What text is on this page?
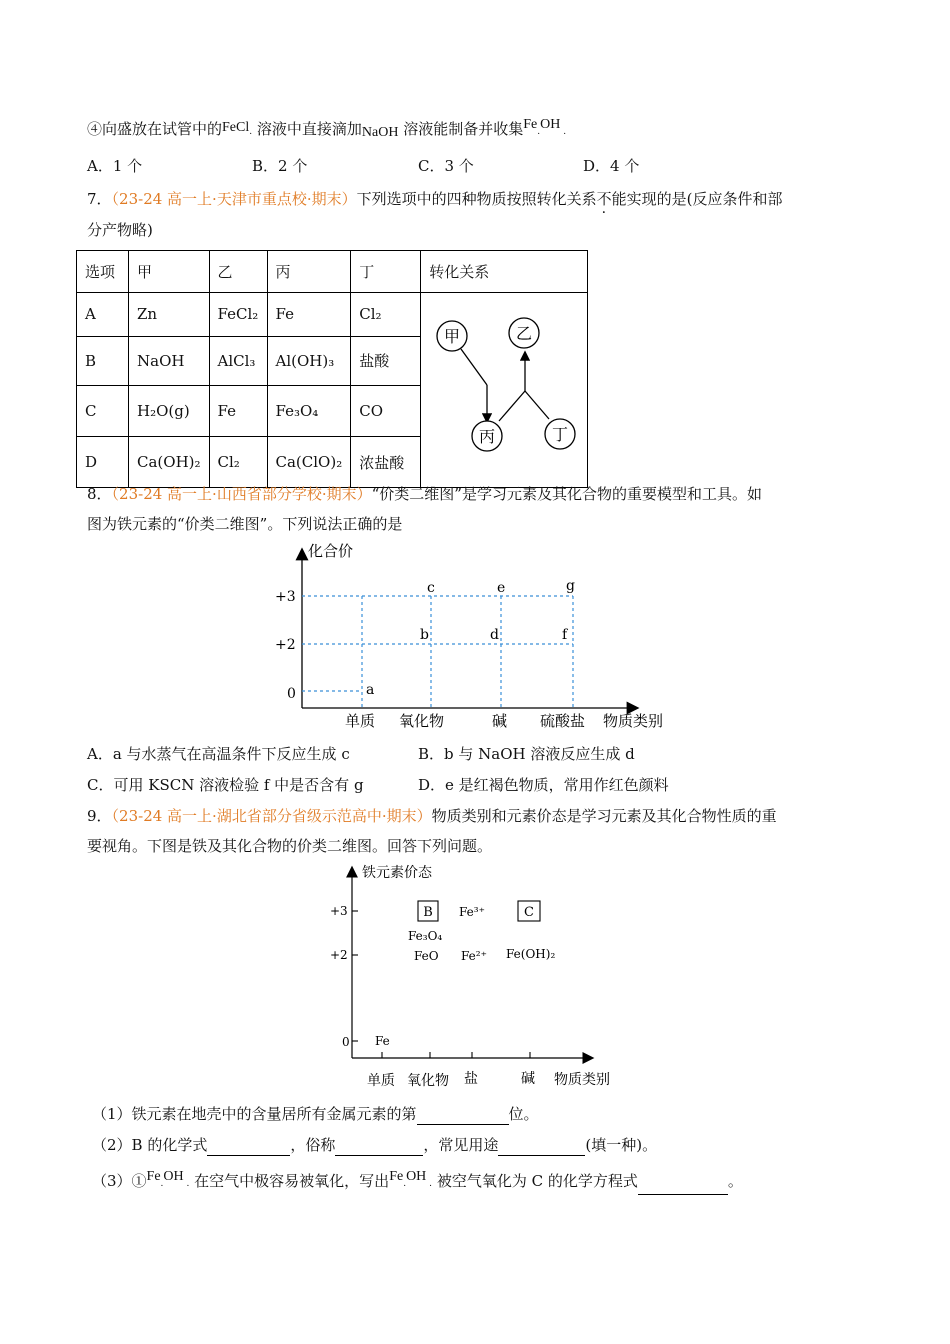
④向盛放在试管中的FeCl. 溶液中直接滴加NaOH 溶液能制备并收集Fe.OH .
A．1 个	B．2 个	C．3 个	D．4 个
7．（23-24 高一上·天津市重点校·期末）下列选项中的四种物质按照转化关系不能实现的是(反应条件和部
分产物略)
选项	甲	乙	丙	丁	转化关系
A	Zn	FeCl₂	Fe	Cl₂	甲 乙
丙 丁

B	NaOH	AlCl₃	Al(OH)₃	盐酸	
C	H₂O(g)	Fe	Fe₃O₄	CO	
D	Ca(OH)₂	Cl₂	Ca(ClO)₂	浓盐酸	
8．（23-24 高一上·山西省部分学校·期末）“价类二维图”是学习元素及其化合物的重要模型和工具。如
图为铁元素的“价类二维图”。下列说法正确的是
化合价
物质类别
+3
+2
0
单质 氧化物	碱 硫酸盐
a
b
c
d
e
f
g
A．a 与水蒸气在高温条件下反应生成 c	B．b 与 NaOH 溶液反应生成 d
C．可用 KSCN 溶液检验 f 中是否含有 g	D．e 是红褐色物质，常用作红色颜料
9．（23-24 高一上·湖北省部分省级示范高中·期末）物质类别和元素价态是学习元素及其化合物性质的重
要视角。下图是铁及其化合物的价类二维图。回答下列问题。
铁元素价态
物质类别
+3
+2
0
单质 氧化物 盐	碱
B	C
Fe³⁺
Fe₃O₄
FeO Fe²⁺ Fe(OH)₂
Fe
（1）铁元素在地壳中的含量居所有金属元素的第	位。
（2）B 的化学式	，俗称	，常见用途	(填一种)。
（3）①Fe.OH . 在空气中极容易被氧化，写出Fe.OH . 被空气氧化为 C 的化学方程式	。
